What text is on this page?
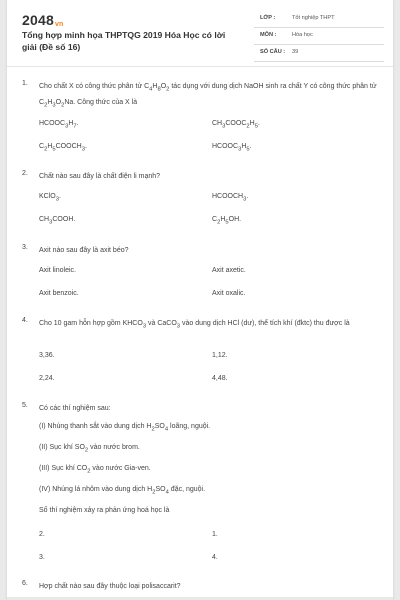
$2048_{vn}$
Tổng hợp minh họa THPTQG 2019 Hóa Học có lời giải (Đề số 16)
LỚP :	Tốt nghiệp THPT
MÔN :	Hóa học
SỐ CÂU : 39
1. Cho chất X có công thức phân tử $C_4H_8O_2$ tác dụng với dung dịch NaOH sinh ra chất Y có công thức phân tử $C_2H_3O_2Na$. Công thức của X là
$HCOOC_3H_7$.	$CH_3COOC_2H_5$.
$C_2H_5COOCH_3$.	$HCOOC_3H_5$.
2. Chất nào sau đây là chất điện li mạnh?
KClO$_3$.	$HCOOCH_3$.
$CH_3COOH$.	$C_2H_5OH$.
3. Axit nào sau đây là axit béo?
Axit linoleic.	Axit axetic.
Axit benzoic.	Axit oxalic.
4. Cho 10 gam hỗn hợp gồm $KHCO_3$ và CaCO$_3$ vào dung dịch HCl (dư), thể tích khí (đktc) thu được là
3,36.	1,12.
2,24.	4,48.
5. Có các thí nghiệm sau:
(I) Nhúng thanh sắt vào dung dịch $H_2SO_4$ loãng, nguội.
(II) Sục khí $SO_2$ vào nước brom.
(III) Sục khí $CO_2$ vào nước Gia-ven.
(IV) Nhúng lá nhôm vào dung dịch $H_2SO_4$ đặc, nguội.
Số thí nghiệm xảy ra phản ứng hoá học là
2.	1.
3.	4.
6. Hợp chất nào sau đây thuộc loại polisaccarit?
